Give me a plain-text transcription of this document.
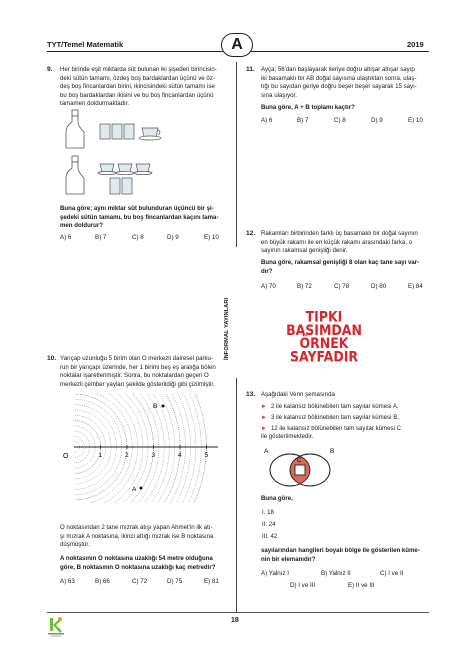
TYT/Temel Matematik	A	2019
İNFORMAL YAYINLARI
9. Her birinde eşit miktarda süt bulunan iki şişeden birincisin-
deki sütün tamamı, özdeş boş bardaklardan üçünü ve öz-
deş boş fincanlardan birini, ikincisindeki sütün tamamı ise
bu boş bardaklardan ikisini ve bu boş fincanlardan üçünü
tamamen doldurmaktadır.
Buna göre; aynı miktar süt bulunduran üçüncü bir şi-
şedeki sütün tamamı, bu boş fincanlardan kaçını tama-
men doldurur?
A) 6	B) 7	C) 8	D) 9	E) 10
10. Yarıçap uzunluğu 5 birim olan O merkezli dairesel parku-
run bir yarıçapı üzerinde, her 1 birimi beş eş aralığa bölen
noktalar işaretlenmiştir. Sonra, bu noktalardan geçen O
merkezli çember yayları şekilde gösterildiği gibi çizilmiştir.
1	2	3	4	5
O
B
A
O noktasından 2 tane mızrak atışı yapan Ahmet'in ilk atı-
şı mızrak A noktasına, ikinci attığı mızrak ise B noktasına
düşmüştür.
A noktasının O noktasına uzaklığı 54 metre olduğuna
göre, B noktasının O noktasına uzaklığı kaç metredir?
A) 63	B) 66	C) 72	D) 75	E) 81
11. Ayça; 56'dan başlayarak ileriye doğru altışar altışar sayıp
iki basamaklı bir AB doğal sayısına ulaştıktan sonra, ulaş-
tığı bu sayıdan geriye doğru beşer beşer sayarak 15 sayı-
sına ulaşıyor.
Buna göre, A + B toplamı kaçtır?
A) 6	B) 7	C) 8	D) 9	E) 10
12. Rakamları birbirinden farklı üç basamaklı bir doğal sayının
en büyük rakamı ile en küçük rakamı arasındaki farka, o
sayının rakamsal genişliği denir.
Buna göre, rakamsal genişliği 8 olan kaç tane sayı var-
dır?
A) 70	B) 72	C) 78	D) 80	E) 84
TIPKI BASIMDAN
ÖRNEK SAYFADIR
13. Aşağıdaki Venn şemasında
► 2 ile kalansız bölünebilen tam sayılar kümesi A,
► 3 ile kalansız bölünebilen tam sayılar kümesi B,
► 12 ile kalansız bölünebilen tam sayılar kümesi C
ile gösterilmektedir.
A	B
C
Buna göre,
I. 18
II. 24
III. 42
sayılarından hangileri boyalı bölge ile gösterilen küme-
nin bir elemanıdır?
A) Yalnız I	B) Yalnız II	C) I ve II
D) I ve III	E) II ve III
18
